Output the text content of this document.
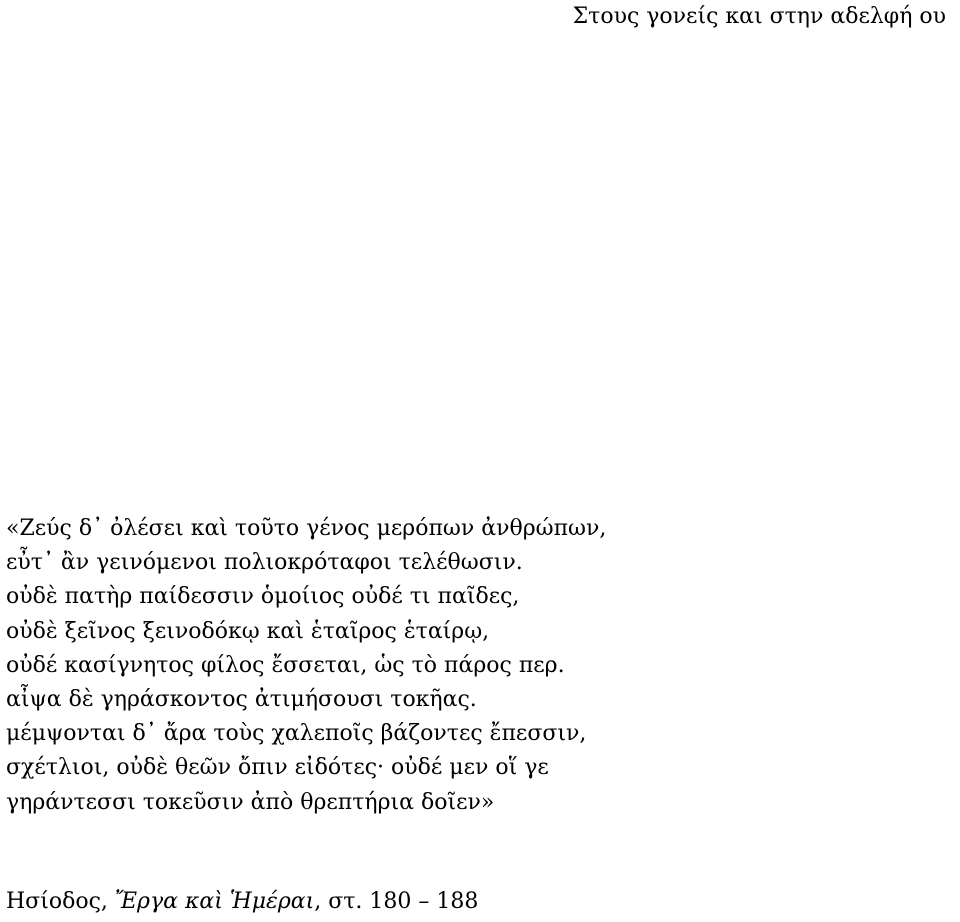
Στους γονείς και στην αδελφή ου
«Ζεύς δ᾽ ὀλέσει καὶ τοῦτο γένος μερόπων ἀνθρώπων,
εὖτ᾽ ἂν γεινόμενοι πολιοκρόταφοι τελέθωσιν.
οὐδὲ πατὴρ παίδεσσιν ὁμοίιος οὐδέ τι παῖδες,
οὐδὲ ξεῖνος ξεινοδόκῳ καὶ ἑταῖρος ἑταίρῳ,
οὐδέ κασίγνητος φίλος ἔσσεται, ὡς τὸ πάρος περ.
αἶψα δὲ γηράσκοντος ἀτιμήσουσι τοκῆας.
μέμψονται δ᾽ ἄρα τοὺς χαλεποῖς βάζοντες ἔπεσσιν,
σχέτλιοι, οὐδὲ θεῶν ὄπιν εἰδότες· οὐδέ μεν οἵ γε
γηράντεσσι τοκεῦσιν ἀπὸ θρεπτήρια δοῖεν»
Ησίοδος, Ἔργα καὶ Ἡμέραι, στ. 180 – 188
